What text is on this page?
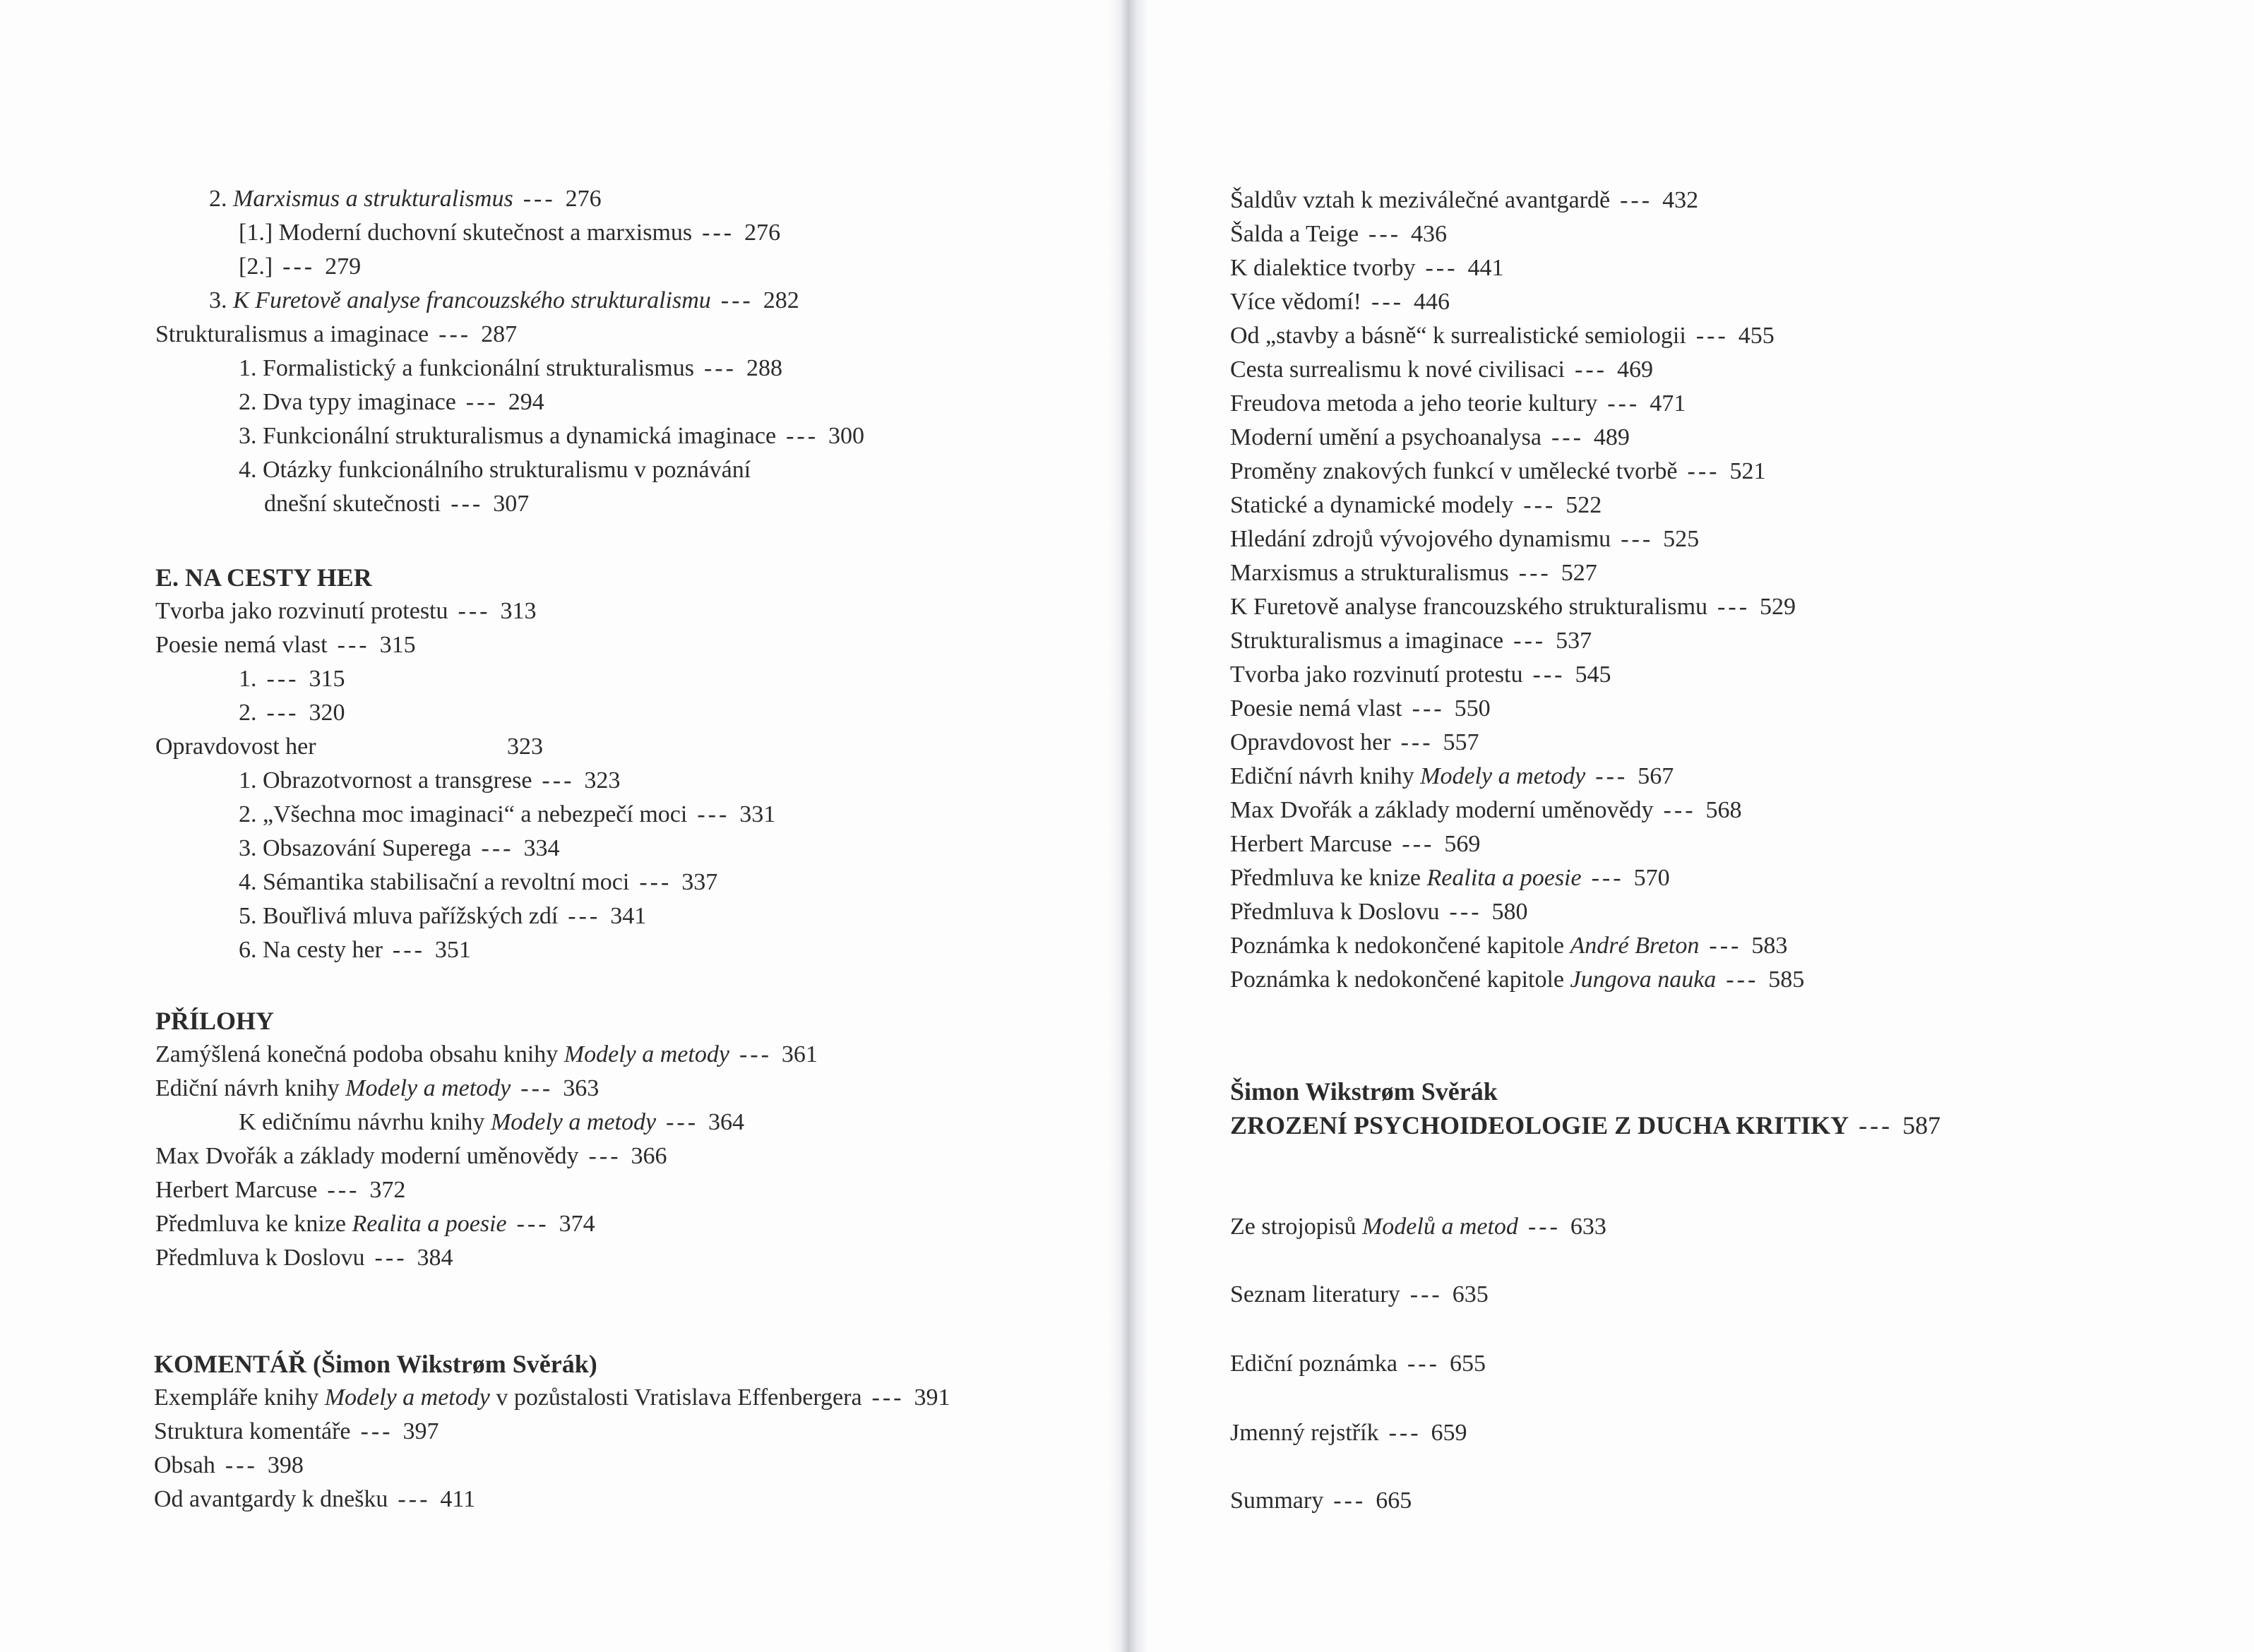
E. NA CESTY HER
Opravdovost her	323
PŘÍLOHY
KOMENTÁŘ (Šimon Wikstrøm Svěrák)
Šimon Wikstrøm Svěrák
ZROZENÍ PSYCHOIDEOLOGIE Z DUCHA KRITIKY --- 587
2. Marxismus a strukturalismus --- 276
[1.] Moderní duchovní skutečnost a marxismus --- 276
[2.] --- 279
3. K Furetově analyse francouzského strukturalismu --- 282
Strukturalismus a imaginace --- 287
1. Formalistický a funkcionální strukturalismus --- 288
2. Dva typy imaginace --- 294
3. Funkcionální strukturalismus a dynamická imaginace --- 300
4. Otázky funkcionálního strukturalismu v poznávání
dnešní skutečnosti --- 307
Tvorba jako rozvinutí protestu --- 313
Poesie nemá vlast --- 315
1. --- 315
2. --- 320
1. Obrazotvornost a transgrese --- 323
2. „Všechna moc imaginaci“ a nebezpečí moci --- 331
3. Obsazování Superega --- 334
4. Sémantika stabilisační a revoltní moci --- 337
5. Bouřlivá mluva pařížských zdí --- 341
6. Na cesty her --- 351
Zamýšlená konečná podoba obsahu knihy Modely a metody --- 361
Ediční návrh knihy Modely a metody --- 363
K edičnímu návrhu knihy Modely a metody --- 364
Max Dvořák a základy moderní uměnovědy --- 366
Herbert Marcuse --- 372
Předmluva ke knize Realita a poesie --- 374
Předmluva k Doslovu --- 384
Exempláře knihy Modely a metody v pozůstalosti Vratislava Effenbergera --- 391
Struktura komentáře --- 397
Obsah --- 398
Od avantgardy k dnešku --- 411
Šaldův vztah k meziválečné avantgardě --- 432
Šalda a Teige --- 436
K dialektice tvorby --- 441
Více vědomí! --- 446
Od „stavby a básně“ k surrealistické semiologii --- 455
Cesta surrealismu k nové civilisaci --- 469
Freudova metoda a jeho teorie kultury --- 471
Moderní umění a psychoanalysa --- 489
Proměny znakových funkcí v umělecké tvorbě --- 521
Statické a dynamické modely --- 522
Hledání zdrojů vývojového dynamismu --- 525
Marxismus a strukturalismus --- 527
K Furetově analyse francouzského strukturalismu --- 529
Strukturalismus a imaginace --- 537
Tvorba jako rozvinutí protestu --- 545
Poesie nemá vlast --- 550
Opravdovost her --- 557
Ediční návrh knihy Modely a metody --- 567
Max Dvořák a základy moderní uměnovědy --- 568
Herbert Marcuse --- 569
Předmluva ke knize Realita a poesie --- 570
Předmluva k Doslovu --- 580
Poznámka k nedokončené kapitole André Breton --- 583
Poznámka k nedokončené kapitole Jungova nauka --- 585
Ze strojopisů Modelů a metod --- 633
Seznam literatury --- 635
Ediční poznámka --- 655
Jmenný rejstřík --- 659
Summary --- 665
